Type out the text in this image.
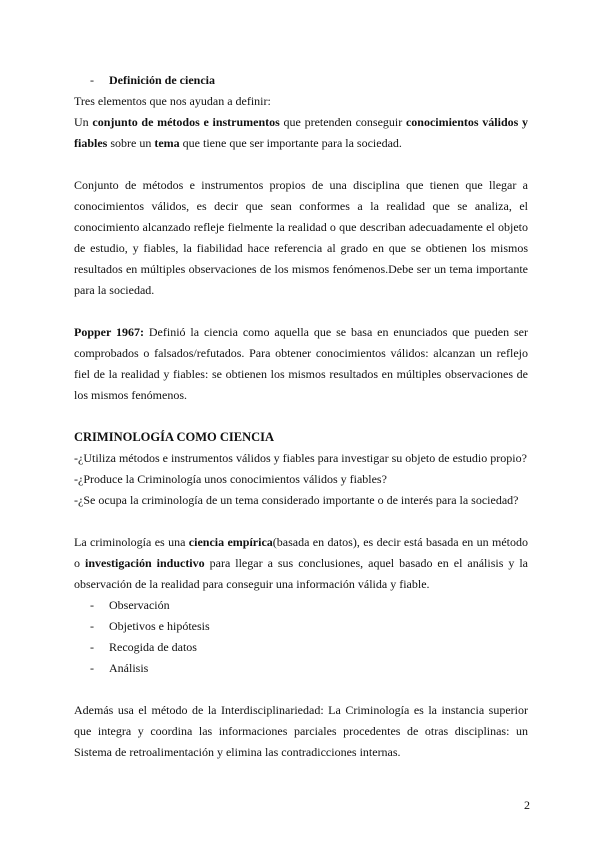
-	Definición de ciencia

Tres elementos que nos ayudan a definir:

Un conjunto de métodos e instrumentos que pretenden conseguir conocimientos válidos y fiables sobre un tema que tiene que ser importante para la sociedad.

Conjunto de métodos e instrumentos propios de una disciplina que tienen que llegar a conocimientos válidos, es decir que sean conformes a la realidad que se analiza, el conocimiento alcanzado refleje fielmente la realidad o que describan adecuadamente el objeto de estudio, y fiables, la fiabilidad hace referencia al grado en que se obtienen los mismos resultados en múltiples observaciones de los mismos fenómenos.Debe ser un tema importante para la sociedad.

Popper 1967: Definió la ciencia como aquella que se basa en enunciados que pueden ser comprobados o falsados/refutados. Para obtener conocimientos válidos: alcanzan un reflejo fiel de la realidad y fiables: se obtienen los mismos resultados en múltiples observaciones de los mismos fenómenos.

CRIMINOLOGÍA COMO CIENCIA

-¿Utiliza métodos e instrumentos válidos y fiables para investigar su objeto de estudio propio?

-¿Produce la Criminología unos conocimientos válidos y fiables?

-¿Se ocupa la criminología de un tema considerado importante o de interés para la sociedad?

La criminología es una ciencia empírica(basada en datos), es decir está basada en un método o investigación inductivo para llegar a sus conclusiones, aquel basado en el análisis y la observación de la realidad para conseguir una información válida y fiable.

-	Observación
-	Objetivos e hipótesis
-	Recogida de datos
-	Análisis

Además usa el método de la Interdisciplinariedad: La Criminología es la instancia superior que integra y coordina las informaciones parciales procedentes de otras disciplinas: un Sistema de retroalimentación y elimina las contradicciones internas.

2
